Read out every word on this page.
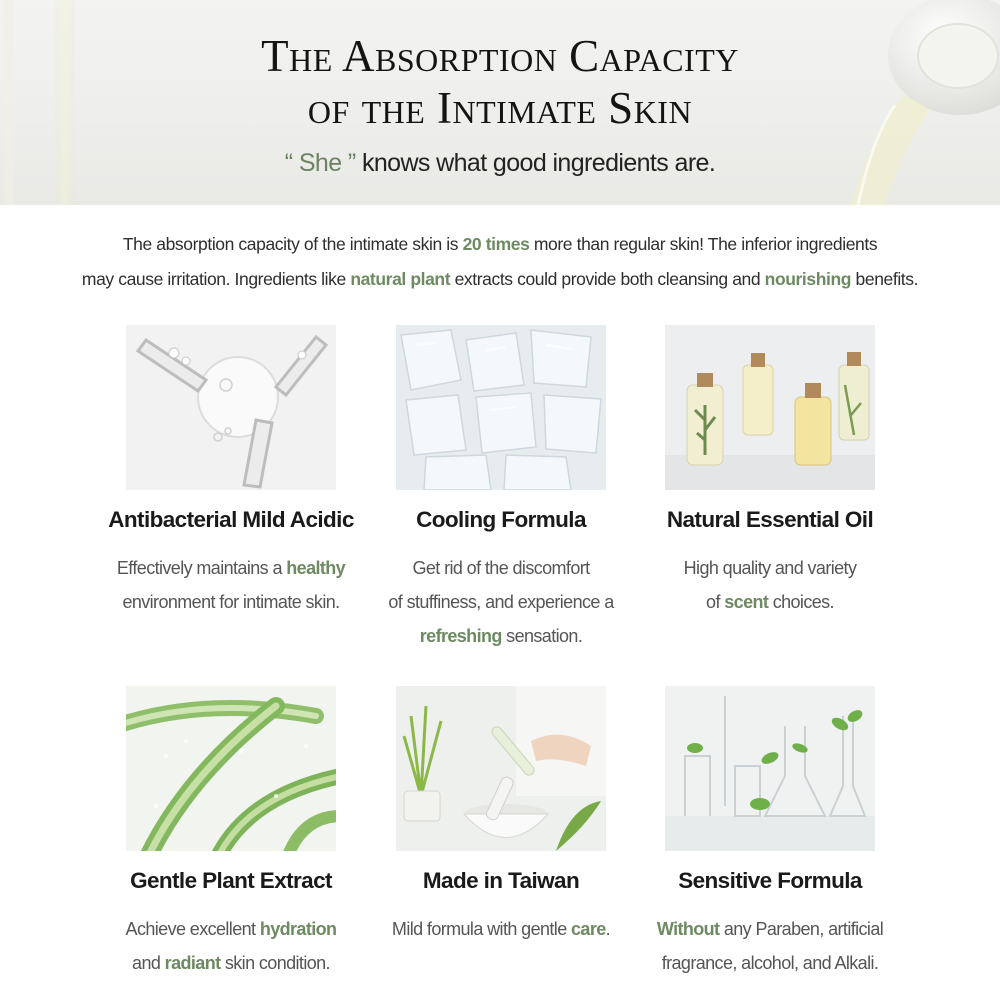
The Absorption Capacity
of the Intimate Skin
“ She ” knows what good ingredients are.
The absorption capacity of the intimate skin is 20 times more than regular skin! The inferior ingredients
may cause irritation. Ingredients like natural plant extracts could provide both cleansing and nourishing benefits.
Antibacterial Mild Acidic
Effectively maintains a healthy
environment for intimate skin.
Cooling Formula
Get rid of the discomfort
of stuffiness, and experience a
refreshing sensation.
Natural Essential Oil
High quality and variety
of scent choices.
Gentle Plant Extract
Achieve excellent hydration
and radiant skin condition.
Made in Taiwan
Mild formula with gentle care.
Sensitive Formula
Without any Paraben, artificial
fragrance, alcohol, and Alkali.
